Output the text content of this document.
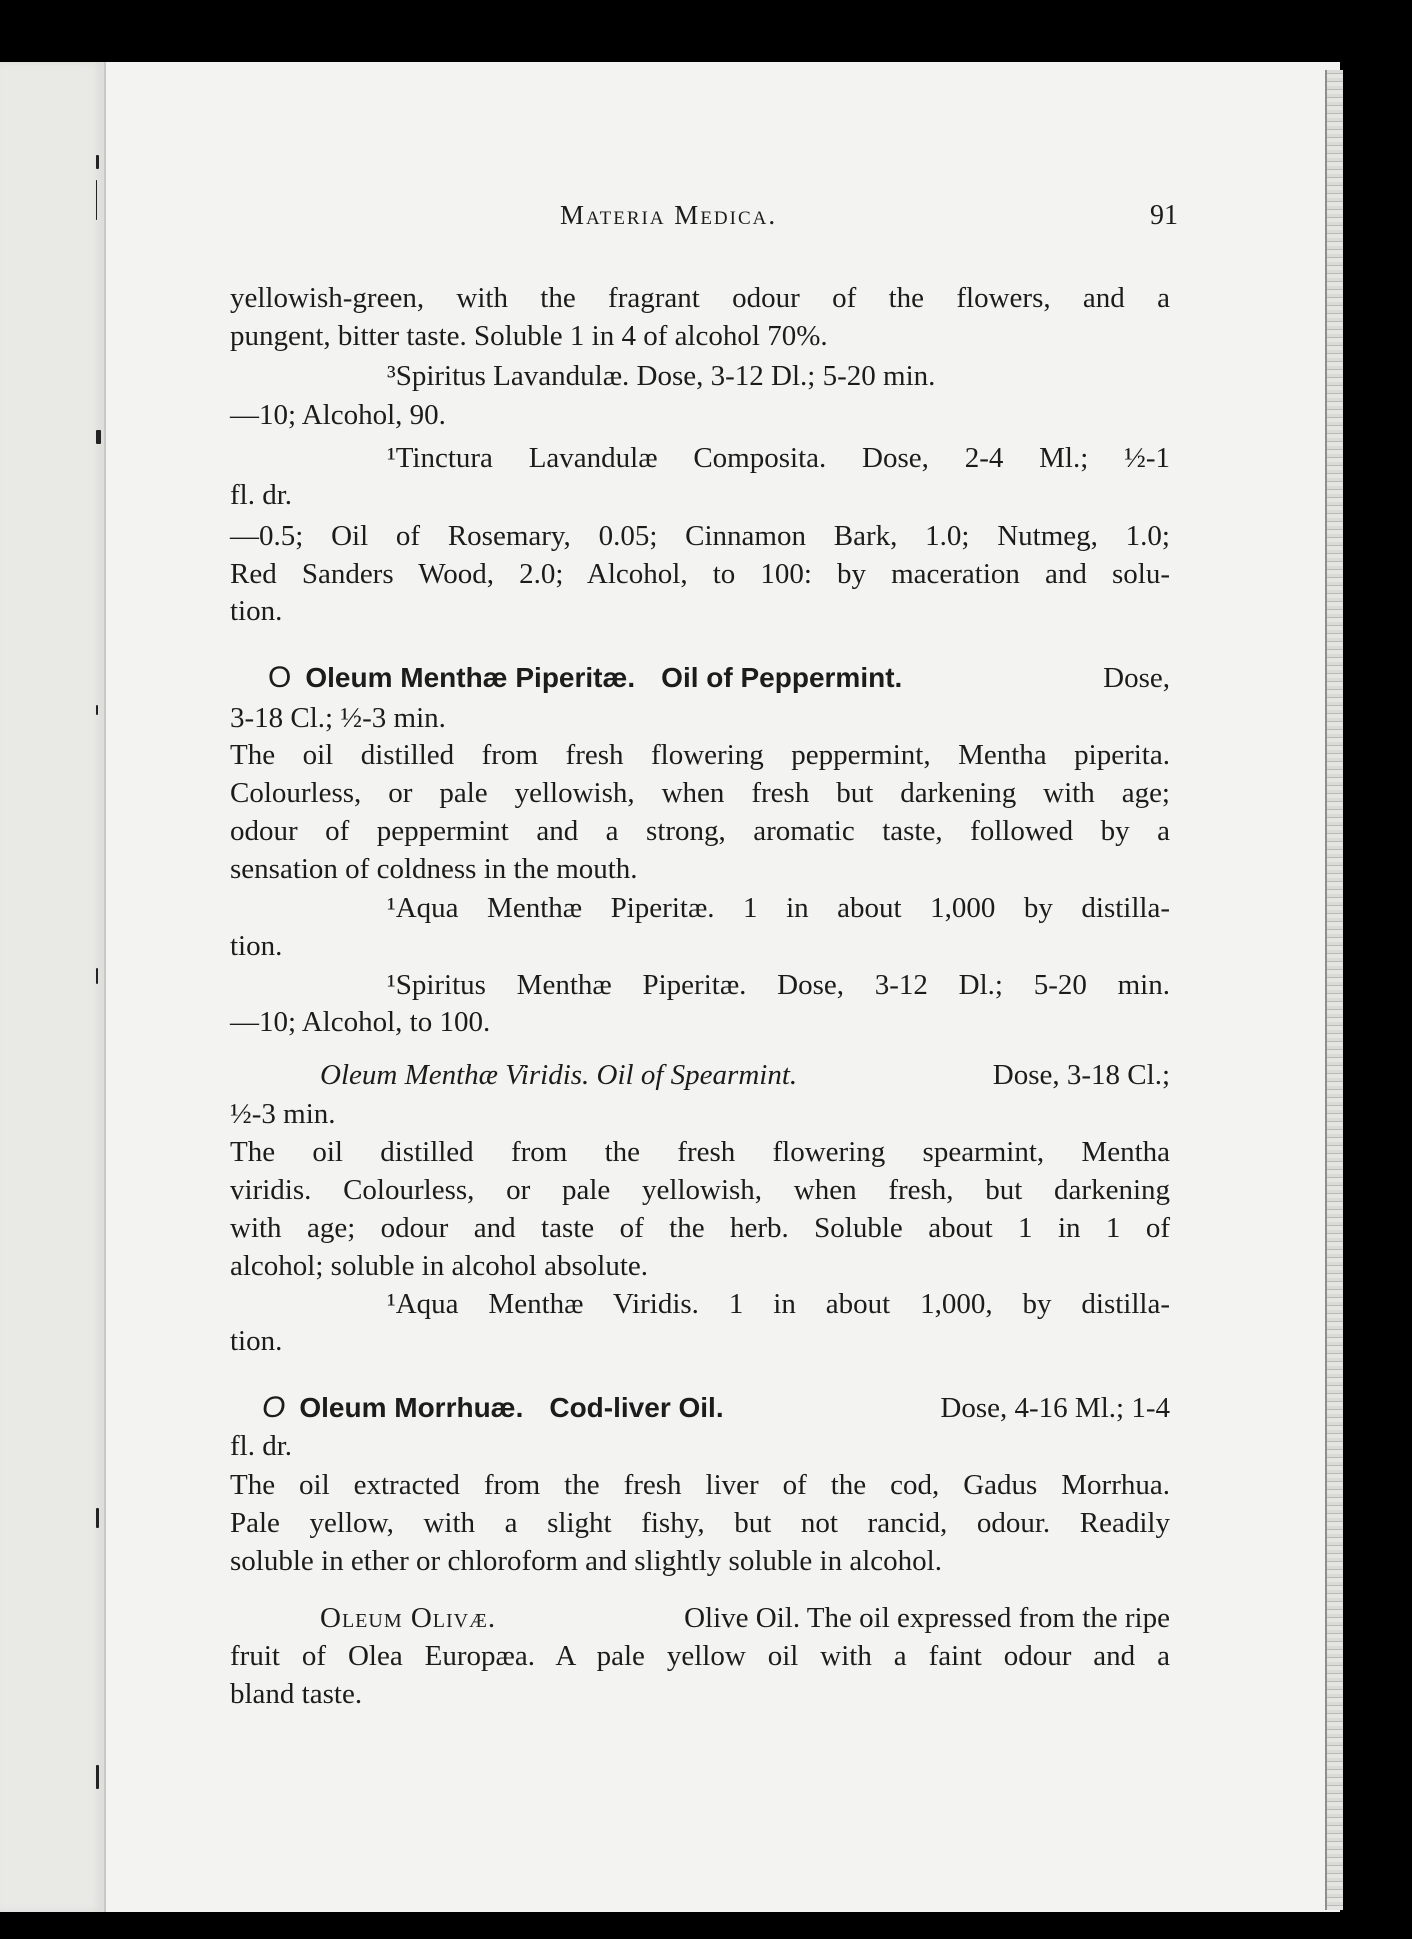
Materia Medica.	91
yellowish-green, with the fragrant odour of the flowers, and a
pungent, bitter taste. Soluble 1 in 4 of alcohol 70%.
³Spiritus Lavandulæ. Dose, 3-12 Dl.; 5-20 min.
—10; Alcohol, 90.
¹Tinctura Lavandulæ Composita. Dose, 2-4 Ml.; ½-1
fl. dr.
—0.5; Oil of Rosemary, 0.05; Cinnamon Bark, 1.0; Nutmeg, 1.0;
Red Sanders Wood, 2.0; Alcohol, to 100: by maceration and solu-
tion.
O Oleum Menthæ Piperitæ. Oil of Peppermint.	Dose,
3-18 Cl.; ½-3 min.
The oil distilled from fresh flowering peppermint, Mentha piperita.
Colourless, or pale yellowish, when fresh but darkening with age;
odour of peppermint and a strong, aromatic taste, followed by a
sensation of coldness in the mouth.
¹Aqua Menthæ Piperitæ. 1 in about 1,000 by distilla-
tion.
¹Spiritus Menthæ Piperitæ. Dose, 3-12 Dl.; 5-20 min.
—10; Alcohol, to 100.
Oleum Menthæ Viridis. Oil of Spearmint.	Dose, 3-18 Cl.;
½-3 min.
The oil distilled from the fresh flowering spearmint, Mentha
viridis. Colourless, or pale yellowish, when fresh, but darkening
with age; odour and taste of the herb. Soluble about 1 in 1 of
alcohol; soluble in alcohol absolute.
¹Aqua Menthæ Viridis. 1 in about 1,000, by distilla-
tion.
O Oleum Morrhuæ. Cod-liver Oil.	Dose, 4-16 Ml.; 1-4
fl. dr.
The oil extracted from the fresh liver of the cod, Gadus Morrhua.
Pale yellow, with a slight fishy, but not rancid, odour. Readily
soluble in ether or chloroform and slightly soluble in alcohol.
Oleum Olivæ.	Olive Oil. The oil expressed from the ripe
fruit of Olea Europæa. A pale yellow oil with a faint odour and a
bland taste.
